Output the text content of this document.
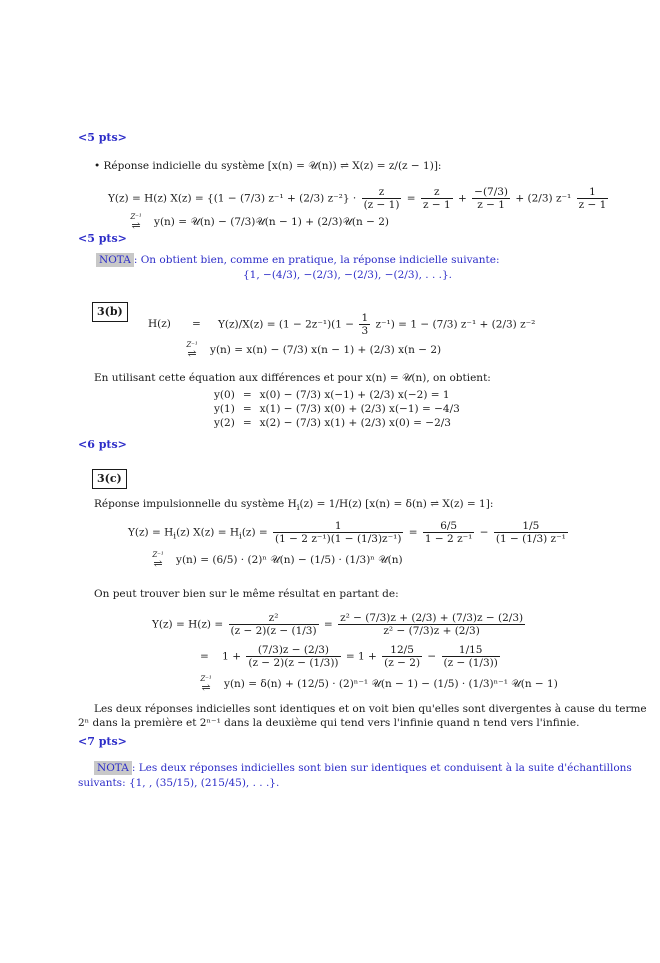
<5 pts>
• Réponse indicielle du système [x(n) = 𝒰(n)) ⇌ X(z) = z/(z − 1)]:
Y(z) = H(z) X(z) = {(1 − (7/3) z⁻¹ + (2/3) $z^{-2}\} \cdot \frac{z}{(z - 1)} = \frac{z}{z - 1} + \frac{-(7/3)}{z - 1} + (2/3)$ $z^{-1} \frac{1}{z - 1}$
Z⁻¹
⇌	y(n) = 𝒰(n) − (7/3)𝒰(n − 1) + (2/3)𝒰(n − 2)
<5 pts>
NOTA : On obtient bien, comme en pratique, la réponse indicielle suivante:
{1, −(4/3), −(2/3), −(2/3), −(2/3), . . .}.
3(b)
$H(z) = Y(z)/X(z) = (1 - 2z^{-1})(1 - \frac{1}{3} z^{-1}) = 1 - (7/3)$ z⁻¹ + (2/3) z⁻²
Z⁻¹
⇌	y(n) = x(n) − (7/3) x(n − 1) + (2/3) x(n − 2)
En utilisant cette équation aux différences et pour x(n) = 𝒰(n), on obtient:
y(0)	=	x(0) − (7/3) x(−1) + (2/3) x(−2) = 1
y(1)	=	x(1) − (7/3) x(0) + (2/3) x(−1) = −4/3
y(2)	=	x(2) − (7/3) x(1) + (2/3) x(0) = −2/3
<6 pts>
3(c)
Réponse impulsionnelle du système $H_i(z) = 1/H(z) [x(n) = \delta(n)$ ⇌ X(z) = 1]:
$Y(z) = H_i(z) X(z) = H_i(z) = \frac{1}{\text{(1 − 2 z⁻¹)(1 − (1/3)z⁻¹)}} = \frac{6/5}{\text{1 − 2 z⁻¹}} - \frac{1/5}{\text{(1 − (1/3) z⁻¹}}$
Z⁻¹
⇌	y(n) = (6/5) · (2)ⁿ 𝒰(n) − (1/5) · (1/3)ⁿ 𝒰(n)
On peut trouver bien sur le même résultat en partant de:
$Y(z) = H(z) = \frac{\text{z²}}{(z - 2)(z - (1/3)} = \frac{\text{z² − (7/3)z + (2/3) + (7/3)z − (2/3)}}{\text{z² − (7/3)z + (2/3)}}$
= $1 + \frac{(7/3)z - (2/3)}{(z - 2)(z - (1/3))} = 1 + \frac{12/5}{(z - 2)} - \frac{1/15}{(z - (1/3))}$
Z⁻¹
⇌	y(n) = δ(n) + (12/5) · (2)ⁿ⁻¹ 𝒰(n − 1) − (1/5) · (1/3)ⁿ⁻¹ 𝒰(n − 1)
Les deux réponses indicielles sont identiques et on voit bien qu'elles sont divergentes à cause du terme
2ⁿ dans la première et 2ⁿ⁻¹ dans la deuxième qui tend vers l'infinie quand n tend vers l'infinie.
<7 pts>
NOTA : Les deux réponses indicielles sont bien sur identiques et conduisent à la suite d'échantillons
suivants: {1, , (35/15), (215/45), . . .}.
